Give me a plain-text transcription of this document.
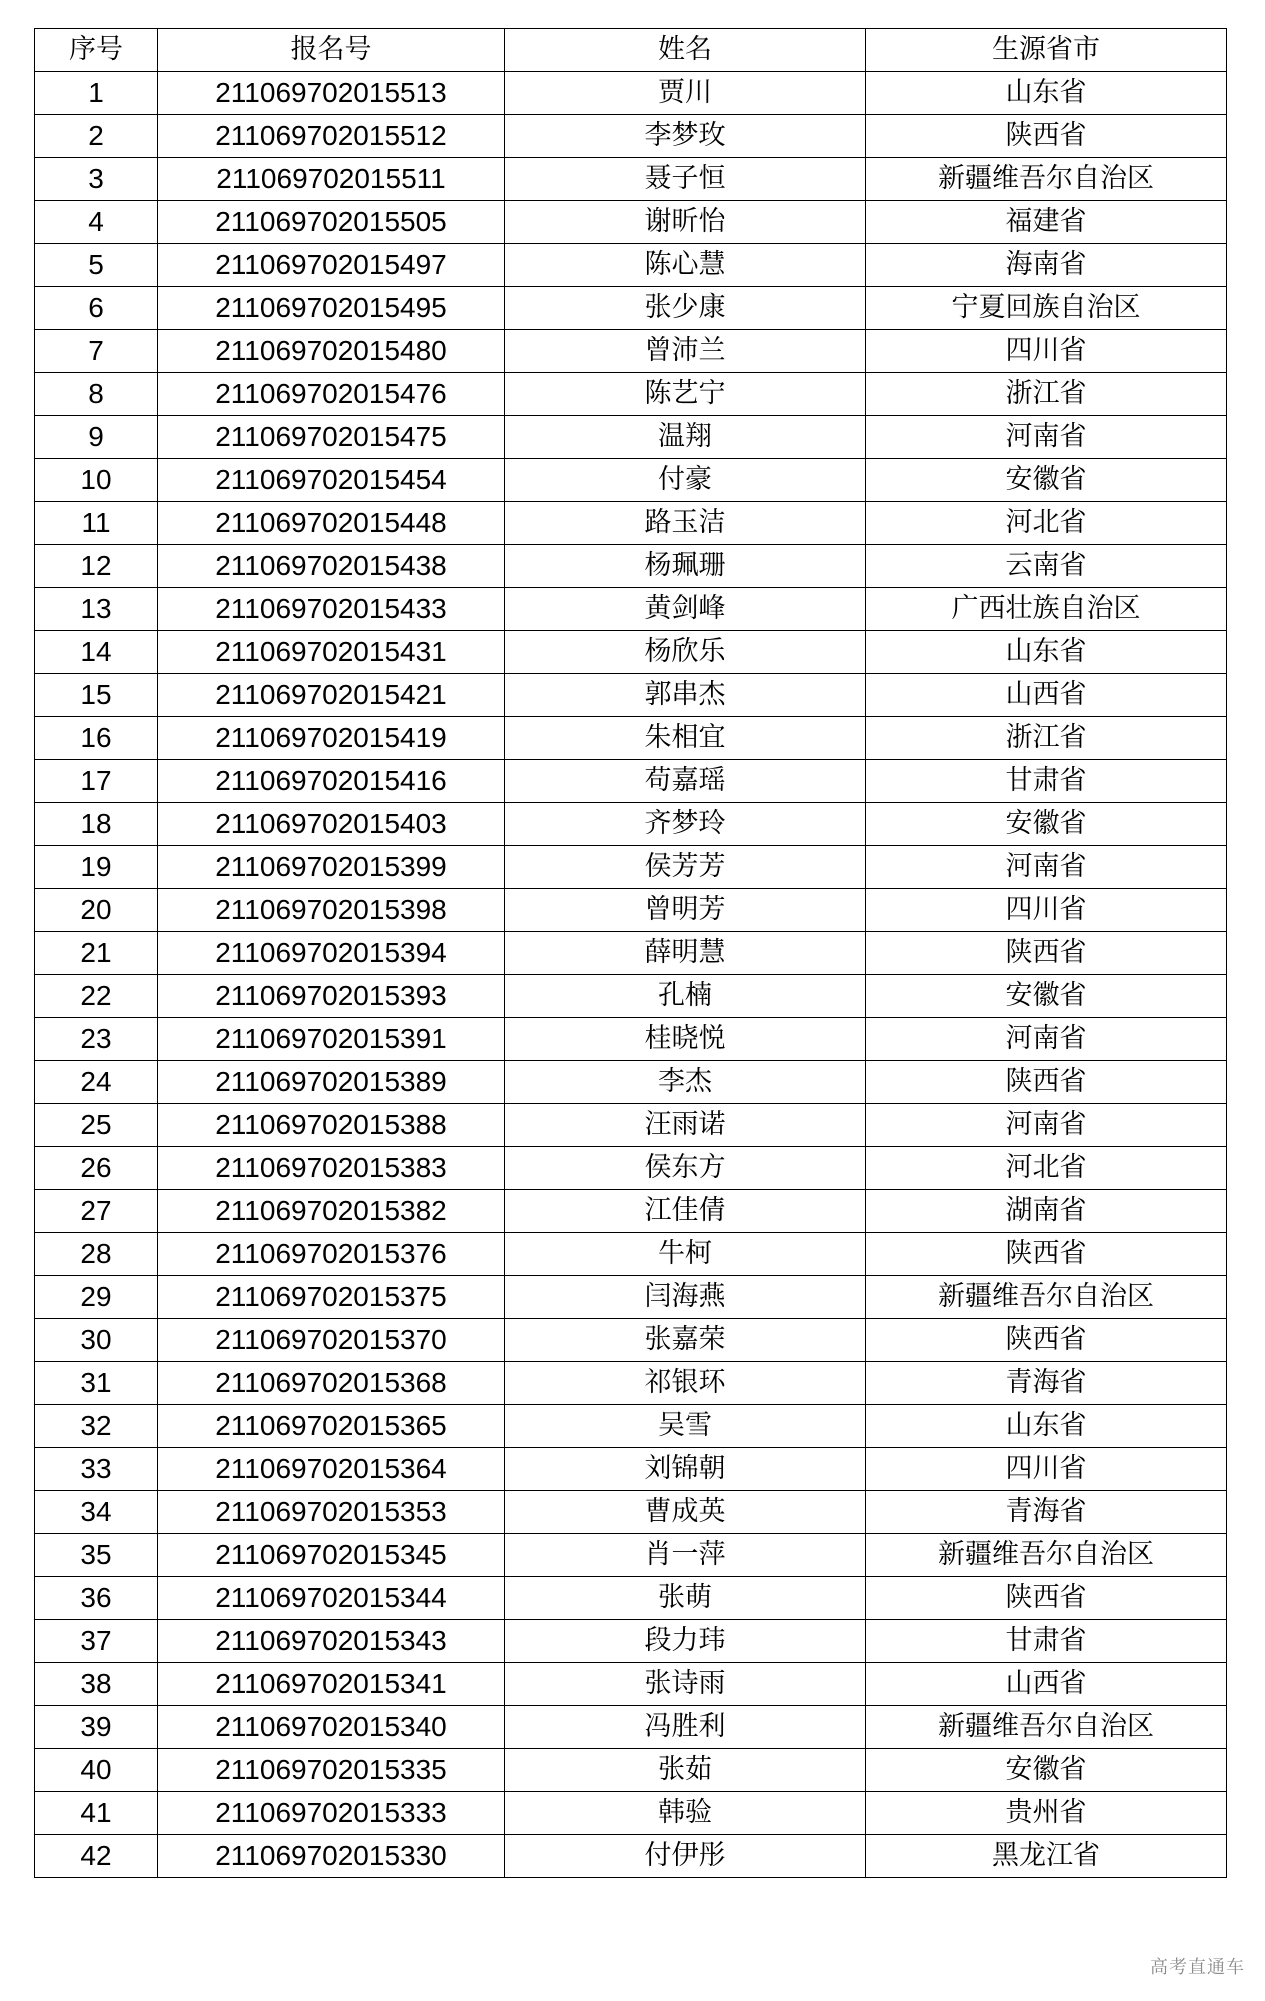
序号	报名号	姓名	生源省市
1	211069702015513	贾川	山东省
2	211069702015512	李梦玫	陕西省
3	211069702015511	聂子恒	新疆维吾尔自治区
4	211069702015505	谢昕怡	福建省
5	211069702015497	陈心慧	海南省
6	211069702015495	张少康	宁夏回族自治区
7	211069702015480	曾沛兰	四川省
8	211069702015476	陈艺宁	浙江省
9	211069702015475	温翔	河南省
10	211069702015454	付豪	安徽省
11	211069702015448	路玉洁	河北省
12	211069702015438	杨珮珊	云南省
13	211069702015433	黄剑峰	广西壮族自治区
14	211069702015431	杨欣乐	山东省
15	211069702015421	郭串杰	山西省
16	211069702015419	朱相宜	浙江省
17	211069702015416	苟嘉瑶	甘肃省
18	211069702015403	齐梦玲	安徽省
19	211069702015399	侯芳芳	河南省
20	211069702015398	曾明芳	四川省
21	211069702015394	薛明慧	陕西省
22	211069702015393	孔楠	安徽省
23	211069702015391	桂晓悦	河南省
24	211069702015389	李杰	陕西省
25	211069702015388	汪雨诺	河南省
26	211069702015383	侯东方	河北省
27	211069702015382	江佳倩	湖南省
28	211069702015376	牛柯	陕西省
29	211069702015375	闫海燕	新疆维吾尔自治区
30	211069702015370	张嘉荣	陕西省
31	211069702015368	祁银环	青海省
32	211069702015365	吴雪	山东省
33	211069702015364	刘锦朝	四川省
34	211069702015353	曹成英	青海省
35	211069702015345	肖一萍	新疆维吾尔自治区
36	211069702015344	张萌	陕西省
37	211069702015343	段力玮	甘肃省
38	211069702015341	张诗雨	山西省
39	211069702015340	冯胜利	新疆维吾尔自治区
40	211069702015335	张茹	安徽省
41	211069702015333	韩验	贵州省
42	211069702015330	付伊彤	黑龙江省
高考直通车
